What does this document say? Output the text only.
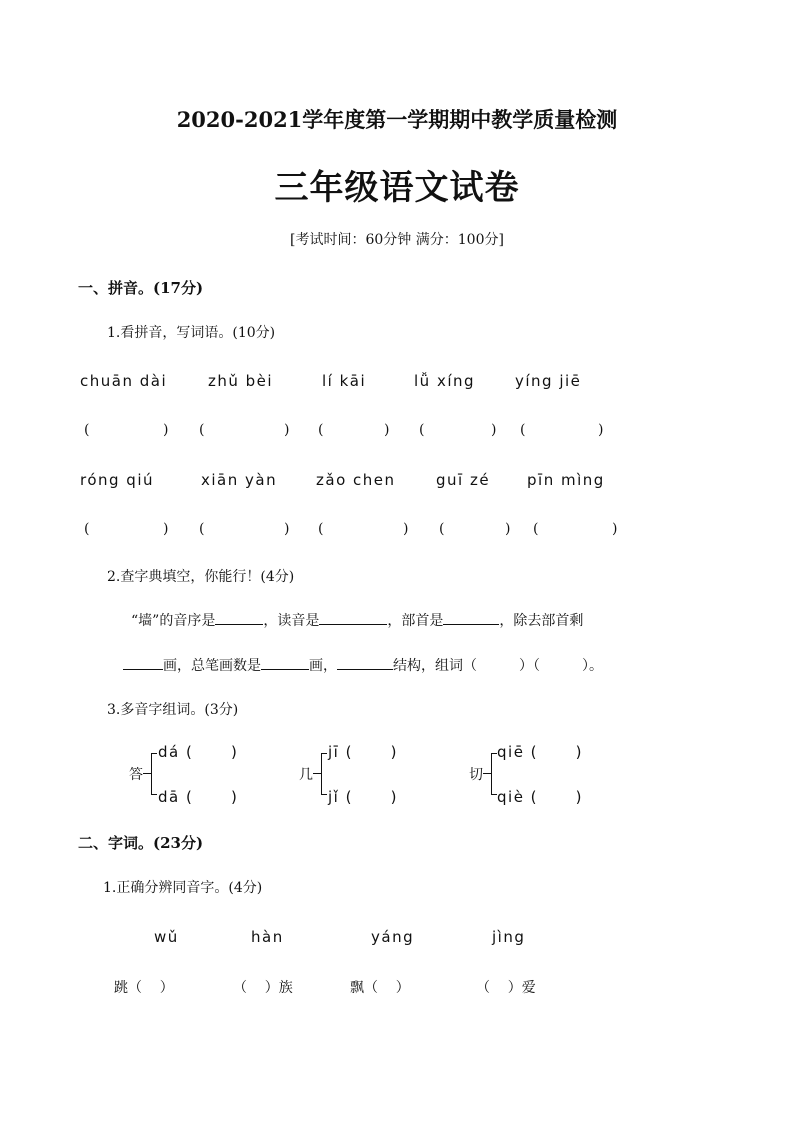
2020-2021学年度第一学期期中教学质量检测
三年级语文试卷
[考试时间：60分钟 满分：100分]
一、拼音。(17分)
1.看拼音，写词语。(10分)
chuān dài	zhǔ bèi	lí kāi	lǚ xíng	yíng jiē
(	) (	) (	) (	) (	)
róng qiú	xiān yàn	zǎo chen	guī zé pīn mìng
(	) (	) (	) (	) (	)
2.查字典填空，你能行！(4分)
“墙”的音序是	，读音是	，部首是	，除去部首剩
画，总笔画数是	画，	结构，组词（	）（	）。
3.多音字组词。(3分)
答
dá (      )
dā (      )
几
jī (      )
jǐ (      )
切
qiē (      )
qiè (      )
二、字词。(23分)
1.正确分辨同音字。(4分)
wǔ	hàn	yáng	jìng
跳（    ）	（    ）族	飘（    ）	（    ）爱
